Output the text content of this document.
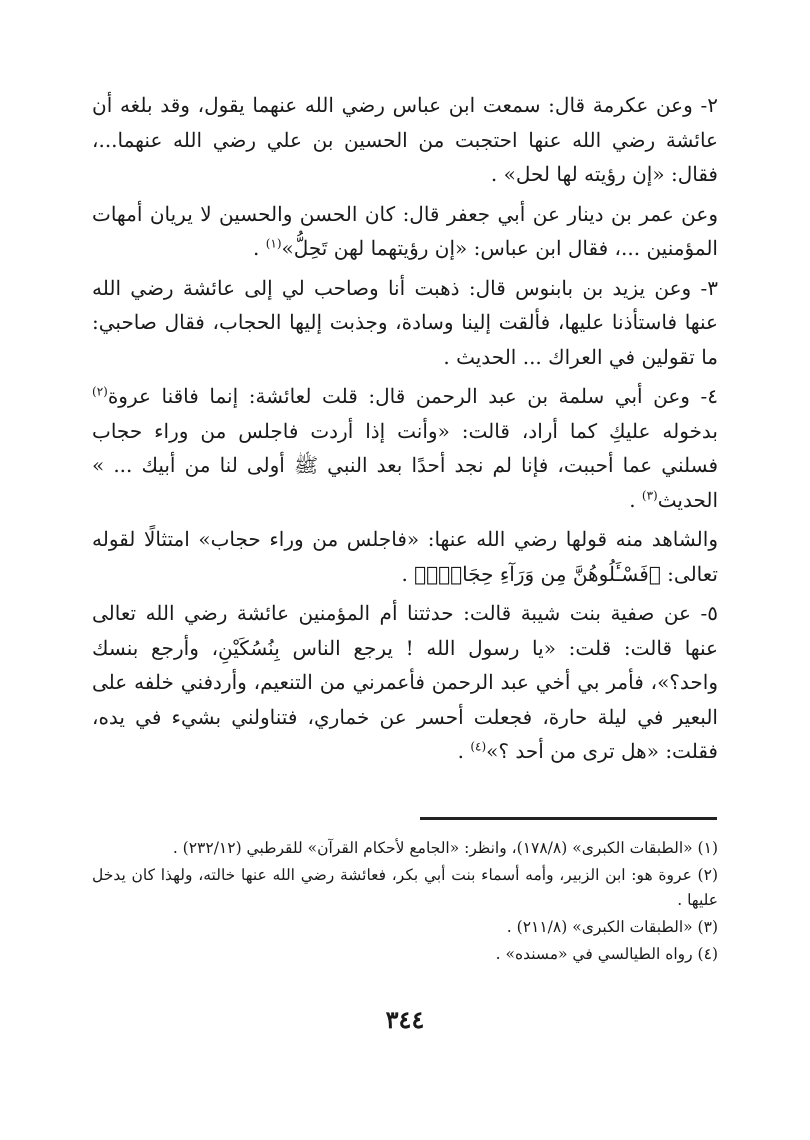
٢- وعن عكرمة قال: سمعت ابن عباس رضي الله عنهما يقول، وقد بلغه أن عائشة رضي الله عنها احتجبت من الحسين بن علي رضي الله عنهما...، فقال: «إن رؤيته لها لحل» .

وعن عمر بن دينار عن أبي جعفر قال: كان الحسن والحسين لا يريان أمهات المؤمنين ...، فقال ابن عباس: «إن رؤيتهما لهن تَحِلُّ»$^{(١)}$ .

٣- وعن يزيد بن بابنوس قال: ذهبت أنا وصاحب لي إلى عائشة رضي الله عنها فاستأذنا عليها، فألقت إلينا وسادة، وجذبت إليها الحجاب، فقال صاحبي: ما تقولين في العراك ... الحديث .

٤- وعن أبي سلمة بن عبد الرحمن قال: قلت لعائشة: إنما فاقنا عروة$^{(٢)}$ بدخوله عليكِ كما أراد، قالت: «وأنت إذا أردت فاجلس من وراء حجاب فسلني عما أحببت، فإنا لم نجد أحدًا بعد النبي ﷺ أولى لنا من أبيك ... » الحديث$^{(٣)}$ .

والشاهد منه قولها رضي الله عنها: «فاجلس من وراء حجاب» امتثالًا لقوله تعالى: ﴿فَسْـَٔلُوهُنَّ مِن وَرَآءِ حِجَابٍۢ﴾ .

٥- عن صفية بنت شيبة قالت: حدثتنا أم المؤمنين عائشة رضي الله تعالى عنها قالت: قلت: «يا رسول الله ! يرجع الناس بِنُسُكَيْنِ، وأرجع بنسك واحد؟»، فأمر بي أخي عبد الرحمن فأعمرني من التنعيم، وأردفني خلفه على البعير في ليلة حارة، فجعلت أحسر عن خماري، فتناولني بشيء في يده، فقلت: «هل ترى من أحد ؟»$^{(٤)}$ .

(١) «الطبقات الكبرى» (١٧٨/٨)، وانظر: «الجامع لأحكام القرآن» للقرطبي (٢٣٢/١٢) .

(٢) عروة هو: ابن الزبير، وأمه أسماء بنت أبي بكر، فعائشة رضي الله عنها خالته، ولهذا كان يدخل عليها .

(٣) «الطبقات الكبرى» (٢١١/٨) .

(٤) رواه الطيالسي في «مسنده» .

٣٤٤
